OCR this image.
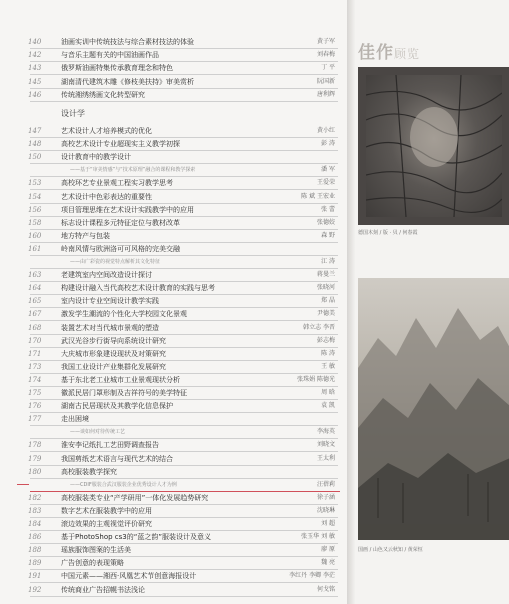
设计学
140	油画实训中传统技法与综合素材技法的体验	黄子军
142	与音乐主题有关的中国油画作品	刘春梅
143	俄罗斯油画特集传承教育理念和特色	丁 平
145	湖南清代建筑木雕《修枝美扶持》审美赏析	阮国新
146	传统湘绣绣画文化转型研究	唐利辉
147	艺术设计人才培养模式的优化	黄小红
148	高校艺术设计专业超现实主义教学初探	彭 涛
150	设计教育中的教学设计
——基于“审美情感”与“技术原理”融合的课程和教学探索	潘 军
153	高校环艺专业景观工程实习教学思考	王爱荣
154	艺术设计中色彩表达的重要性	陈 斌 王宏业
156	项目管理思维在艺术设计实践教学中的应用	张 蕾
158	标志设计课程多元特征定位与教材改革	张德姣
160	地方特产与包装	森 野
161	岭南风情与欧洲洛可可风格的完美交融
——由广彩瓷的视觉特点解析其文化特征	江 涛
163	老建筑室内空间改造设计探讨	蒋曼兰
164	构建设计融入当代高校艺术设计教育的实践与思考	张晓河
165	室内设计专业空间设计教学实践	郑 晶
167	激发学生潮流的个性化大学校园文化景观	尹德美
168	装置艺术对当代城市景观的塑造	韩立志 李晋
170	武汉光谷步行街导向系统设计研究	彭志梅
171	大庆城市形象建设现状及对策研究	陈 涛
173	我国工业设计产业集群化发展研究	王 敏
174	基于东北老工业城市工业景观现状分析	张珠娟 陈德光
175	徽派民居门罩形制及吉祥符号的美学特征	周 晗
176	湖南古民居现状及其教学化信息保护	袁 凯
177	走出困境
——谈如何对待传统工艺	李海英
178	淮安李记纸扎工艺田野调查报告	刘晓文
179	我国剪纸艺术语言与现代艺术的结合	王太利
180	高校服装教学探究
——CDIF服装合武汉服装企业优秀设计人才为例	汪蓓莉
182	高校服装类专业“产学研用”一体化发展趋势研究	徐子涵
183	数字艺术在服装教学中的应用	沈晓琳
184	滚边效果的主观视觉评价研究	刘 超
186	基于PhotoShop cs3的“蓝之韵”服装设计及意义	张玉华 刘 敏
188	瑶族服饰图案的生活美	廖 原
189	广告创意的表现策略	魏 亮
191	中国元素——湘西·风凰艺术节创意海报设计	李红丹 李卿 李茫
192	传统商业广告招幌书法浅论	何戈铭
佳作顾览
德国木刻 / 版 · 贝 / 何春霞
国画 / 山色又云秋知 / 黄荣恒
